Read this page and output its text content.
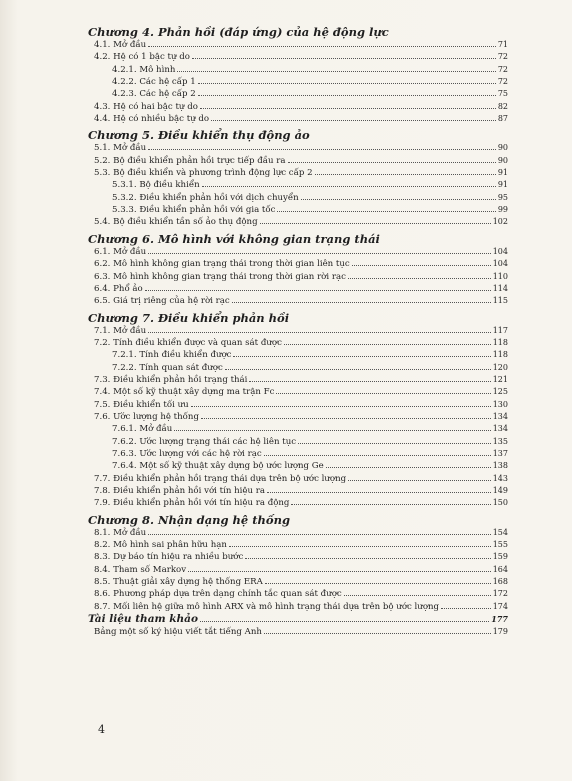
Chương 4. Phản hồi (đáp ứng) của hệ động lực
4.1. Mở đầu	71
4.2. Hệ có 1 bậc tự do	72
4.2.1. Mô hình	72
4.2.2. Các hệ cấp 1	72
4.2.3. Các hệ cấp 2	75
4.3. Hệ có hai bậc tự do	82
4.4. Hệ có nhiều bậc tự do	87
Chương 5. Điều khiển thụ động ảo
5.1. Mở đầu	90
5.2. Bộ điều khiển phản hồi trực tiếp đầu ra	90
5.3. Bộ điều khiển và phương trình động lực cấp 2	91
5.3.1. Bộ điều khiển	91
5.3.2. Điều khiển phản hồi với dịch chuyển	95
5.3.3. Điều khiển phản hồi với gia tốc	99
5.4. Bộ điều khiển tần số ảo thụ động	102
Chương 6. Mô hình với không gian trạng thái
6.1. Mở đầu	104
6.2. Mô hình không gian trạng thái trong thời gian liên tục	104
6.3. Mô hình không gian trạng thái trong thời gian rời rạc	110
6.4. Phổ ảo	114
6.5. Giá trị riêng của hệ rời rạc	115
Chương 7. Điều khiển phản hồi
7.1. Mở đầu	117
7.2. Tính điều khiển được và quan sát được	118
7.2.1. Tính điều khiển được	118
7.2.2. Tính quan sát được	120
7.3. Điều khiển phản hồi trạng thái	121
7.4. Một số kỹ thuật xây dựng ma trận Fc	125
7.5. Điều khiển tối ưu	130
7.6. Ước lượng hệ thống	134
7.6.1. Mở đầu	134
7.6.2. Ước lượng trạng thái các hệ liên tục	135
7.6.3. Ước lượng với các hệ rời rạc	137
7.6.4. Một số kỹ thuật xây dựng bộ ước lượng Ge	138
7.7. Điều khiển phản hồi trạng thái dựa trên bộ ước lượng	143
7.8. Điều khiển phản hồi với tín hiệu ra	149
7.9. Điều khiển phản hồi với tín hiệu ra động	150
Chương 8. Nhận dạng hệ thống
8.1. Mở đầu	154
8.2. Mô hình sai phân hữu hạn	155
8.3. Dự báo tín hiệu ra nhiều bước	159
8.4. Tham số Markov	164
8.5. Thuật giải xây dựng hệ thống ERA	168
8.6. Phương pháp dựa trên dạng chính tắc quan sát được	172
8.7. Mối liên hệ giữa mô hình ARX và mô hình trạng thái dựa trên bộ ước lượng	174
Tài liệu tham khảo	177
Bảng một số ký hiệu viết tắt tiếng Anh	179
4
